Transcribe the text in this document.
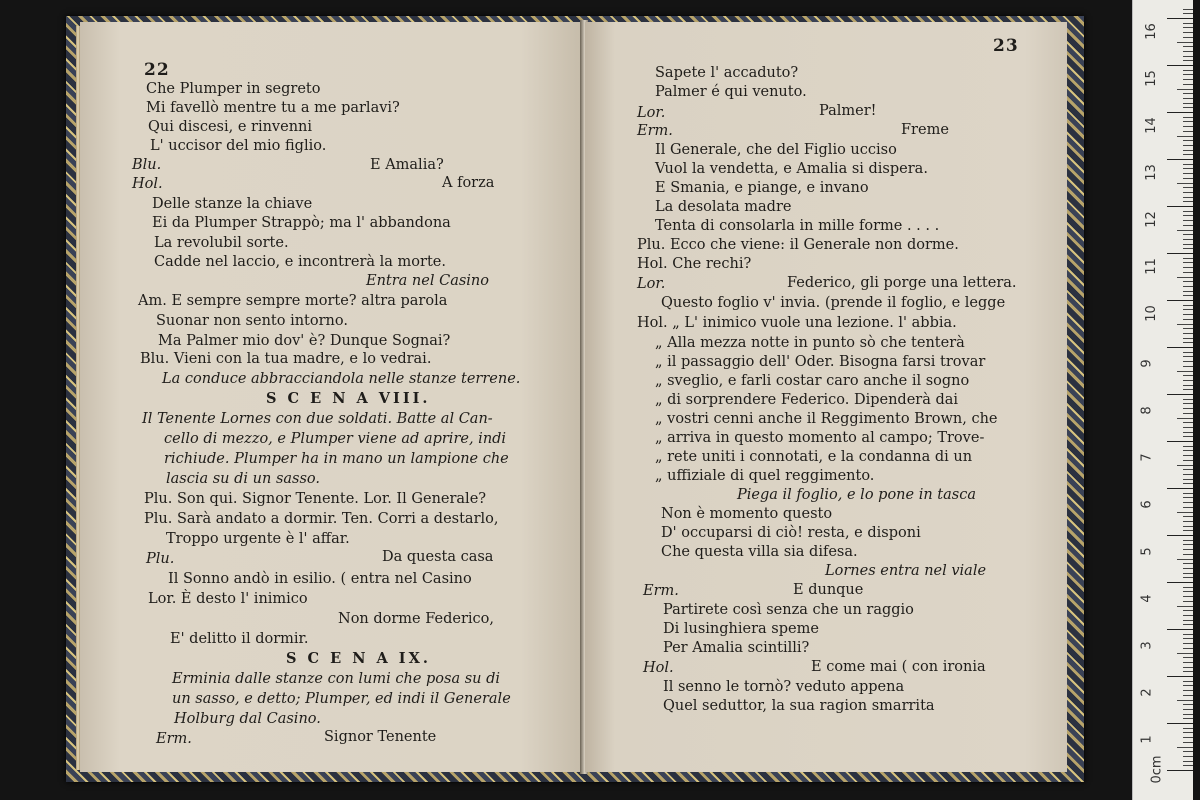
22
Che Plumper in segreto
Mi favellò mentre tu a me parlavi?
Qui discesi, e rinvenni
L' uccisor del mio figlio.
Blu.	E Amalia?
Hol.	A forza
Delle stanze la chiave
Ei da Plumper Strappò; ma l' abbandona
La revolubil sorte.
Cadde nel laccio, e incontrerà la morte.
Entra nel Casino
Am. E sempre sempre morte? altra parola
Suonar non sento intorno.
Ma Palmer mio dov' è? Dunque Sognai?
Blu. Vieni con la tua madre, e lo vedrai.
La conduce abbracciandola nelle stanze terrene.
S C E N A VIII.
Il Tenente Lornes con due soldati. Batte al Can-
cello di mezzo, e Plumper viene ad aprire, indi
richiude. Plumper ha in mano un lampione che
lascia su di un sasso.
Plu. Son qui. Signor Tenente. Lor. Il Generale?
Plu. Sarà andato a dormir. Ten. Corri a destarlo,
Troppo urgente è l' affar.
Plu.	Da questa casa
Il Sonno andò in esilio. ( entra nel Casino
Lor. È desto l' inimico
Non dorme Federico,
E' delitto il dormir.
S C E N A IX.
Erminia dalle stanze con lumi che posa su di
un sasso, e detto; Plumper, ed indi il Generale
Holburg dal Casino.
Erm.	Signor Tenente
23
Sapete l' accaduto?
Palmer é qui venuto.
Lor.	Palmer!
Erm.	Freme
Il Generale, che del Figlio ucciso
Vuol la vendetta, e Amalia si dispera.
E Smania, e piange, e invano
La desolata madre
Tenta di consolarla in mille forme . . . .
Plu. Ecco che viene: il Generale non dorme.
Hol. Che rechi?
Lor.	Federico, gli porge una lettera.
Questo foglio v' invia. (prende il foglio, e legge
Hol. „ L' inimico vuole una lezione. l' abbia.
„ Alla mezza notte in punto sò che tenterà
„ il passaggio dell' Oder. Bisogna farsi trovar
„ sveglio, e farli costar caro anche il sogno
„ di sorprendere Federico. Dipenderà dai
„ vostri cenni anche il Reggimento Brown, che
„ arriva in questo momento al campo; Trove-
„ rete uniti i connotati, e la condanna di un
„ uffiziale di quel reggimento.
Piega il foglio, e lo pone in tasca
Non è momento questo
D' occuparsi di ciò! resta, e disponi
Che questa villa sia difesa.
Lornes entra nel viale
Erm.	E dunque
Partirete così senza che un raggio
Di lusinghiera speme
Per Amalia scintilli?
Hol.	E come mai ( con ironia
Il senno le tornò? veduto appena
Quel seduttor, la sua ragion smarrita
0cm
1
2
3
4
5
6
7
8
9
10
11
12
13
14
15
16
